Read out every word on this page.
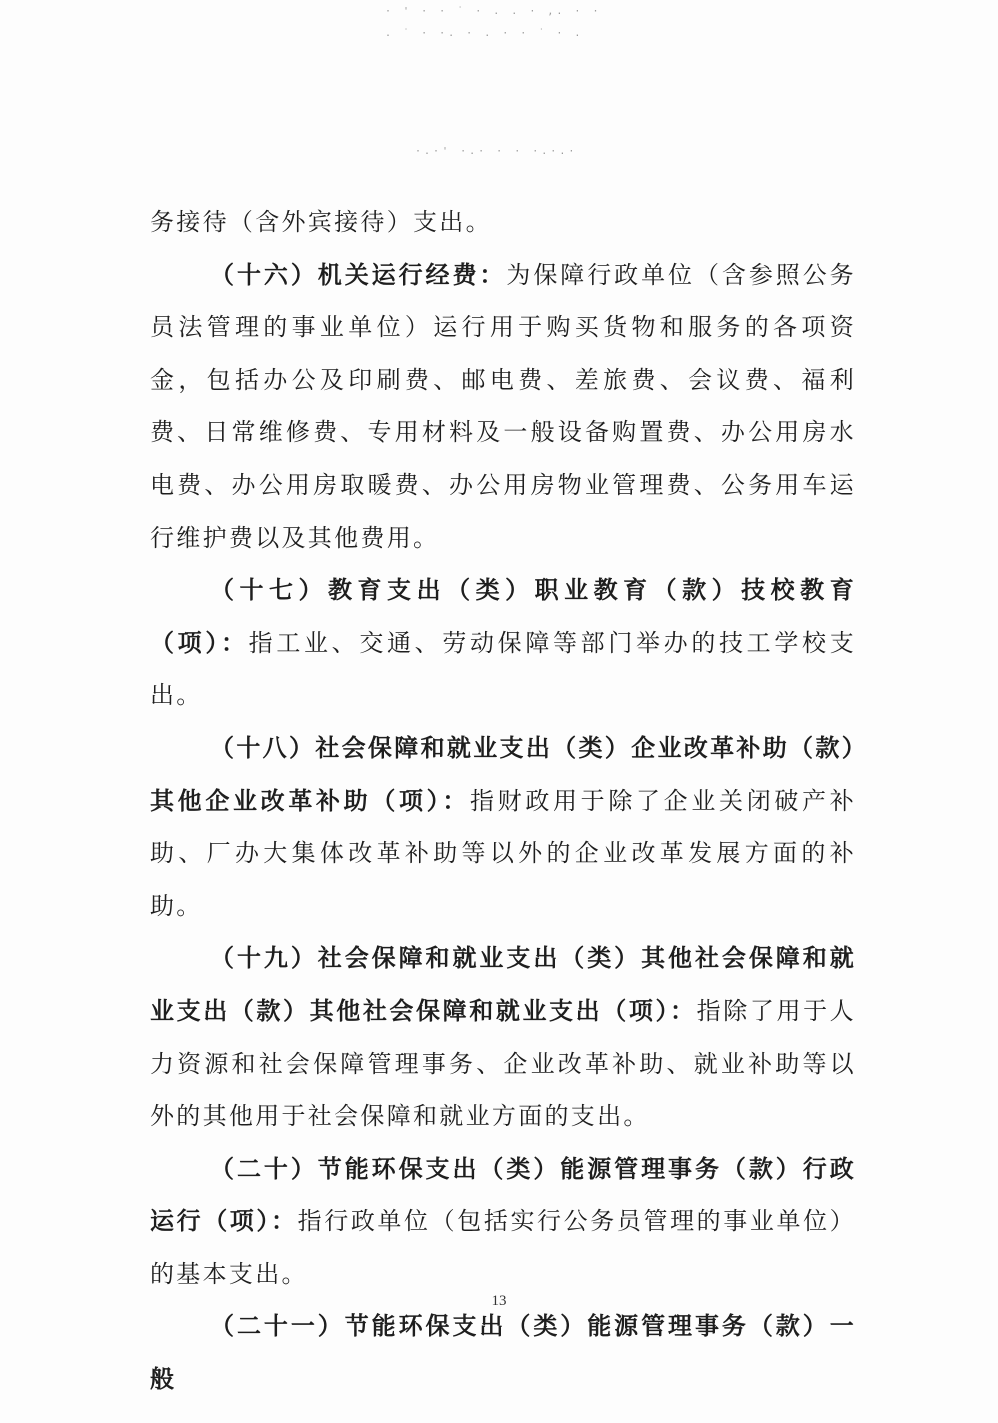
· ' · · ˙ · . . · ,. · ·
. ˙ · ·. · . · · ˙ · .
·.·' ·.· · · ·.·.·

务接待（含外宾接待）支出。

（十六）机关运行经费：为保障行政单位（含参照公务员法管理的事业单位）运行用于购买货物和服务的各项资金，包括办公及印刷费、邮电费、差旅费、会议费、福利费、日常维修费、专用材料及一般设备购置费、办公用房水电费、办公用房取暖费、办公用房物业管理费、公务用车运行维护费以及其他费用。

（十七）教育支出（类）职业教育（款）技校教育（项）：指工业、交通、劳动保障等部门举办的技工学校支出。

（十八）社会保障和就业支出（类）企业改革补助（款）其他企业改革补助（项）：指财政用于除了企业关闭破产补助、厂办大集体改革补助等以外的企业改革发展方面的补助。

（十九）社会保障和就业支出（类）其他社会保障和就业支出（款）其他社会保障和就业支出（项）：指除了用于人力资源和社会保障管理事务、企业改革补助、就业补助等以外的其他用于社会保障和就业方面的支出。

（二十）节能环保支出（类）能源管理事务（款）行政运行（项）：指行政单位（包括实行公务员管理的事业单位）的基本支出。

（二十一）节能环保支出（类）能源管理事务（款）一般

13
